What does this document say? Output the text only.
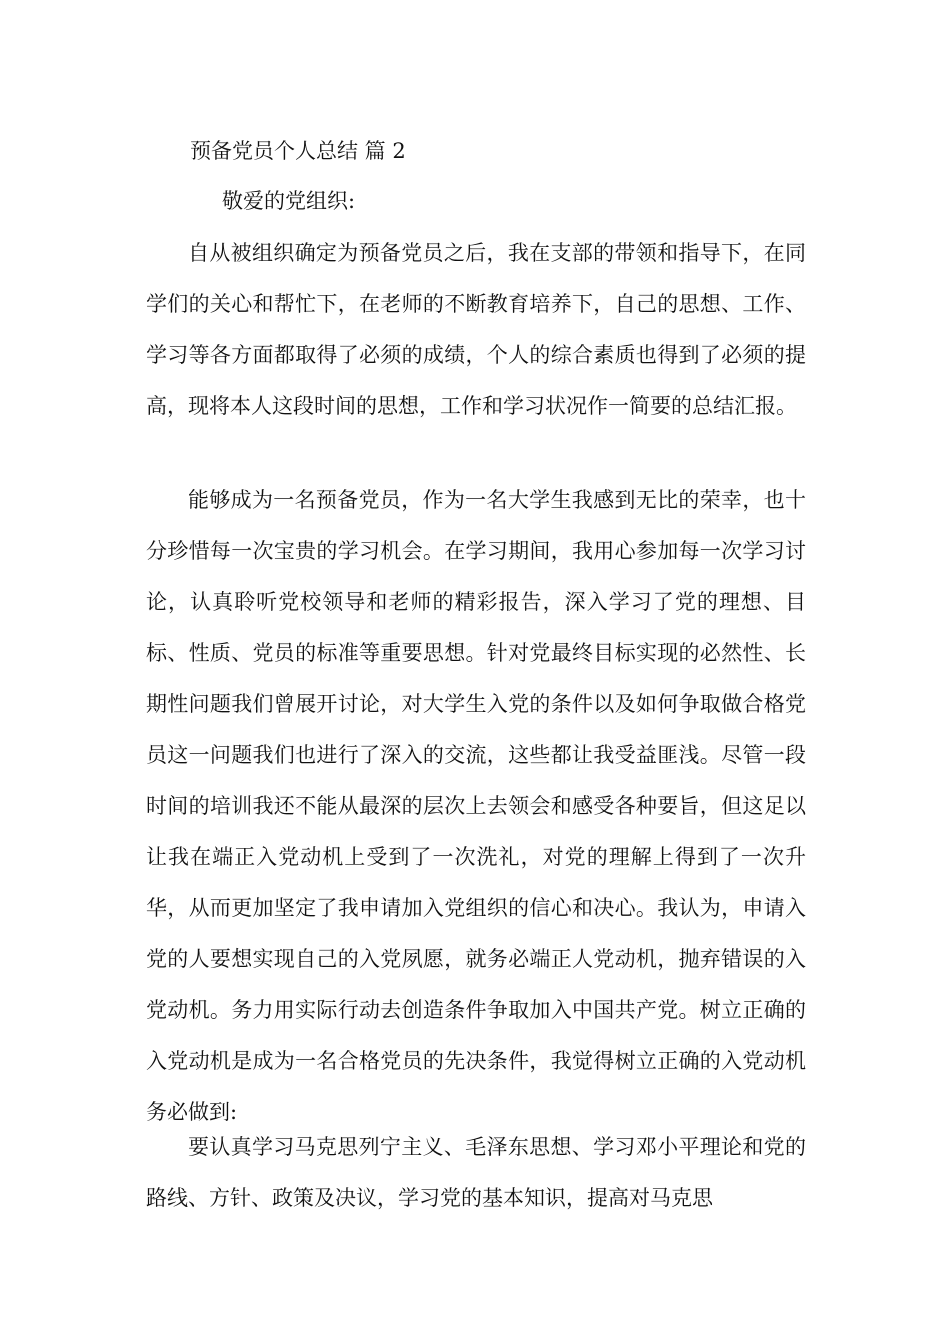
预备党员个人总结 篇 2
敬爱的党组织:

自从被组织确定为预备党员之后，我在支部的带领和指导下，在同学们的关心和帮忙下，在老师的不断教育培养下，自己的思想、工作、学习等各方面都取得了必须的成绩，个人的综合素质也得到了必须的提高，现将本人这段时间的思想，工作和学习状况作一简要的总结汇报。

能够成为一名预备党员，作为一名大学生我感到无比的荣幸，也十分珍惜每一次宝贵的学习机会。在学习期间，我用心参加每一次学习讨论，认真聆听党校领导和老师的精彩报告，深入学习了党的理想、目标、性质、党员的标准等重要思想。针对党最终目标实现的必然性、长期性问题我们曾展开讨论，对大学生入党的条件以及如何争取做合格党员这一问题我们也进行了深入的交流，这些都让我受益匪浅。尽管一段时间的培训我还不能从最深的层次上去领会和感受各种要旨，但这足以让我在端正入党动机上受到了一次洗礼，对党的理解上得到了一次升华，从而更加坚定了我申请加入党组织的信心和决心。我认为，申请入党的人要想实现自己的入党夙愿，就务必端正人党动机，抛弃错误的入党动机。务力用实际行动去创造条件争取加入中国共产党。树立正确的入党动机是成为一名合格党员的先决条件，我觉得树立正确的入党动机务必做到:

要认真学习马克思列宁主义、毛泽东思想、学习邓小平理论和党的路线、方针、政策及决议，学习党的基本知识，提高对马克思
